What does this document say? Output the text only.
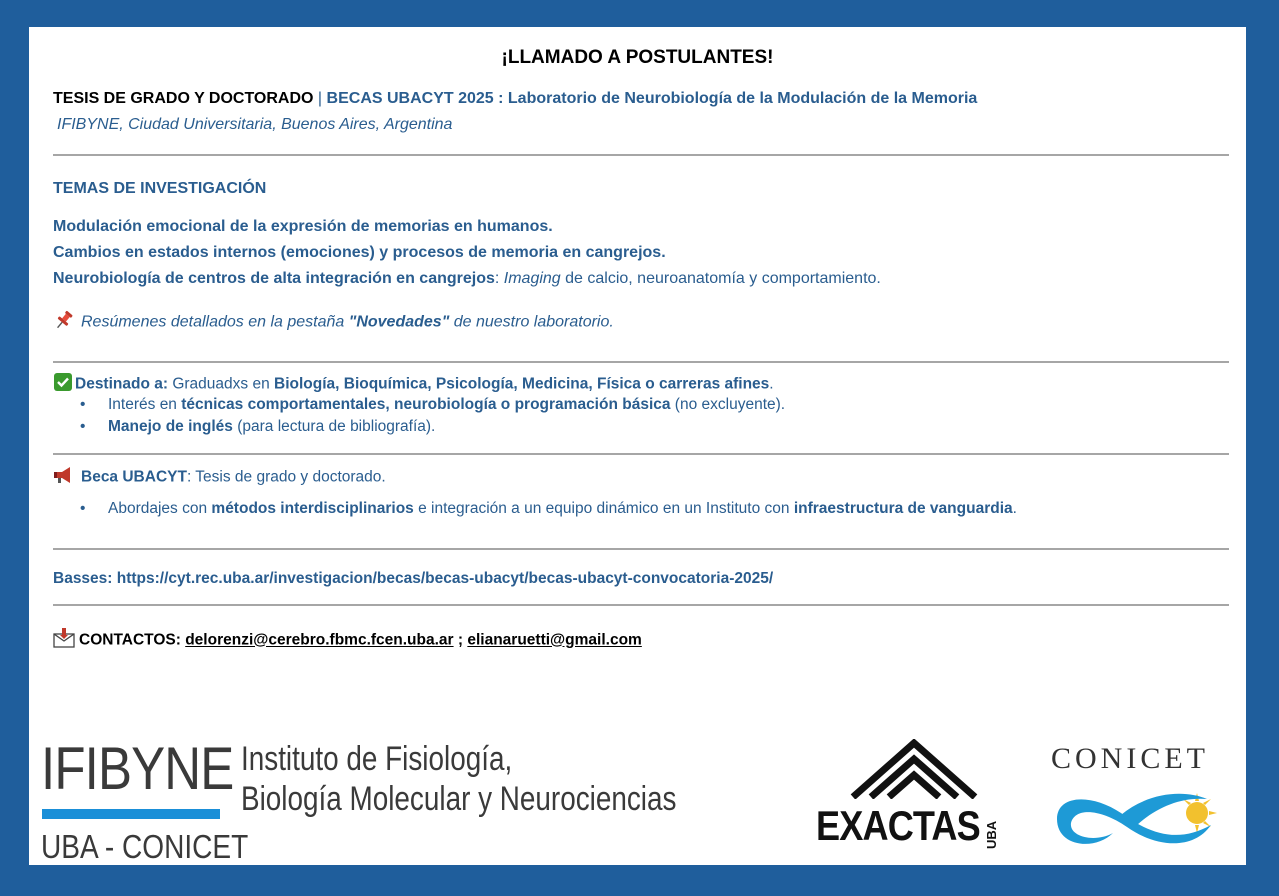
¡LLAMADO A POSTULANTES!
TESIS DE GRADO Y DOCTORADO | BECAS UBACYT 2025 : Laboratorio de Neurobiología de la Modulación de la Memoria
IFIBYNE, Ciudad Universitaria, Buenos Aires, Argentina
TEMAS DE INVESTIGACIÓN
Modulación emocional de la expresión de memorias en humanos.
Cambios en estados internos (emociones) y procesos de memoria en cangrejos.
Neurobiología de centros de alta integración en cangrejos: Imaging de calcio, neuroanatomía y comportamiento.
Resúmenes detallados en la pestaña "Novedades" de nuestro laboratorio.
Destinado a: Graduadxs en Biología, Bioquímica, Psicología, Medicina, Física o carreras afines.
• Interés en técnicas comportamentales, neurobiología o programación básica (no excluyente).
• Manejo de inglés (para lectura de bibliografía).
Beca UBACYT: Tesis de grado y doctorado.
• Abordajes con métodos interdisciplinarios e integración a un equipo dinámico en un Instituto con infraestructura de vanguardia.
Basses: https://cyt.rec.uba.ar/investigacion/becas/becas-ubacyt/becas-ubacyt-convocatoria-2025/
CONTACTOS: delorenzi@cerebro.fbmc.fcen.uba.ar ; elianaruetti@gmail.com
IFIBYNE
UBA - CONICET
Instituto de Fisiología,
Biología Molecular y Neurociencias
EXACTAS UBA
CONICET
